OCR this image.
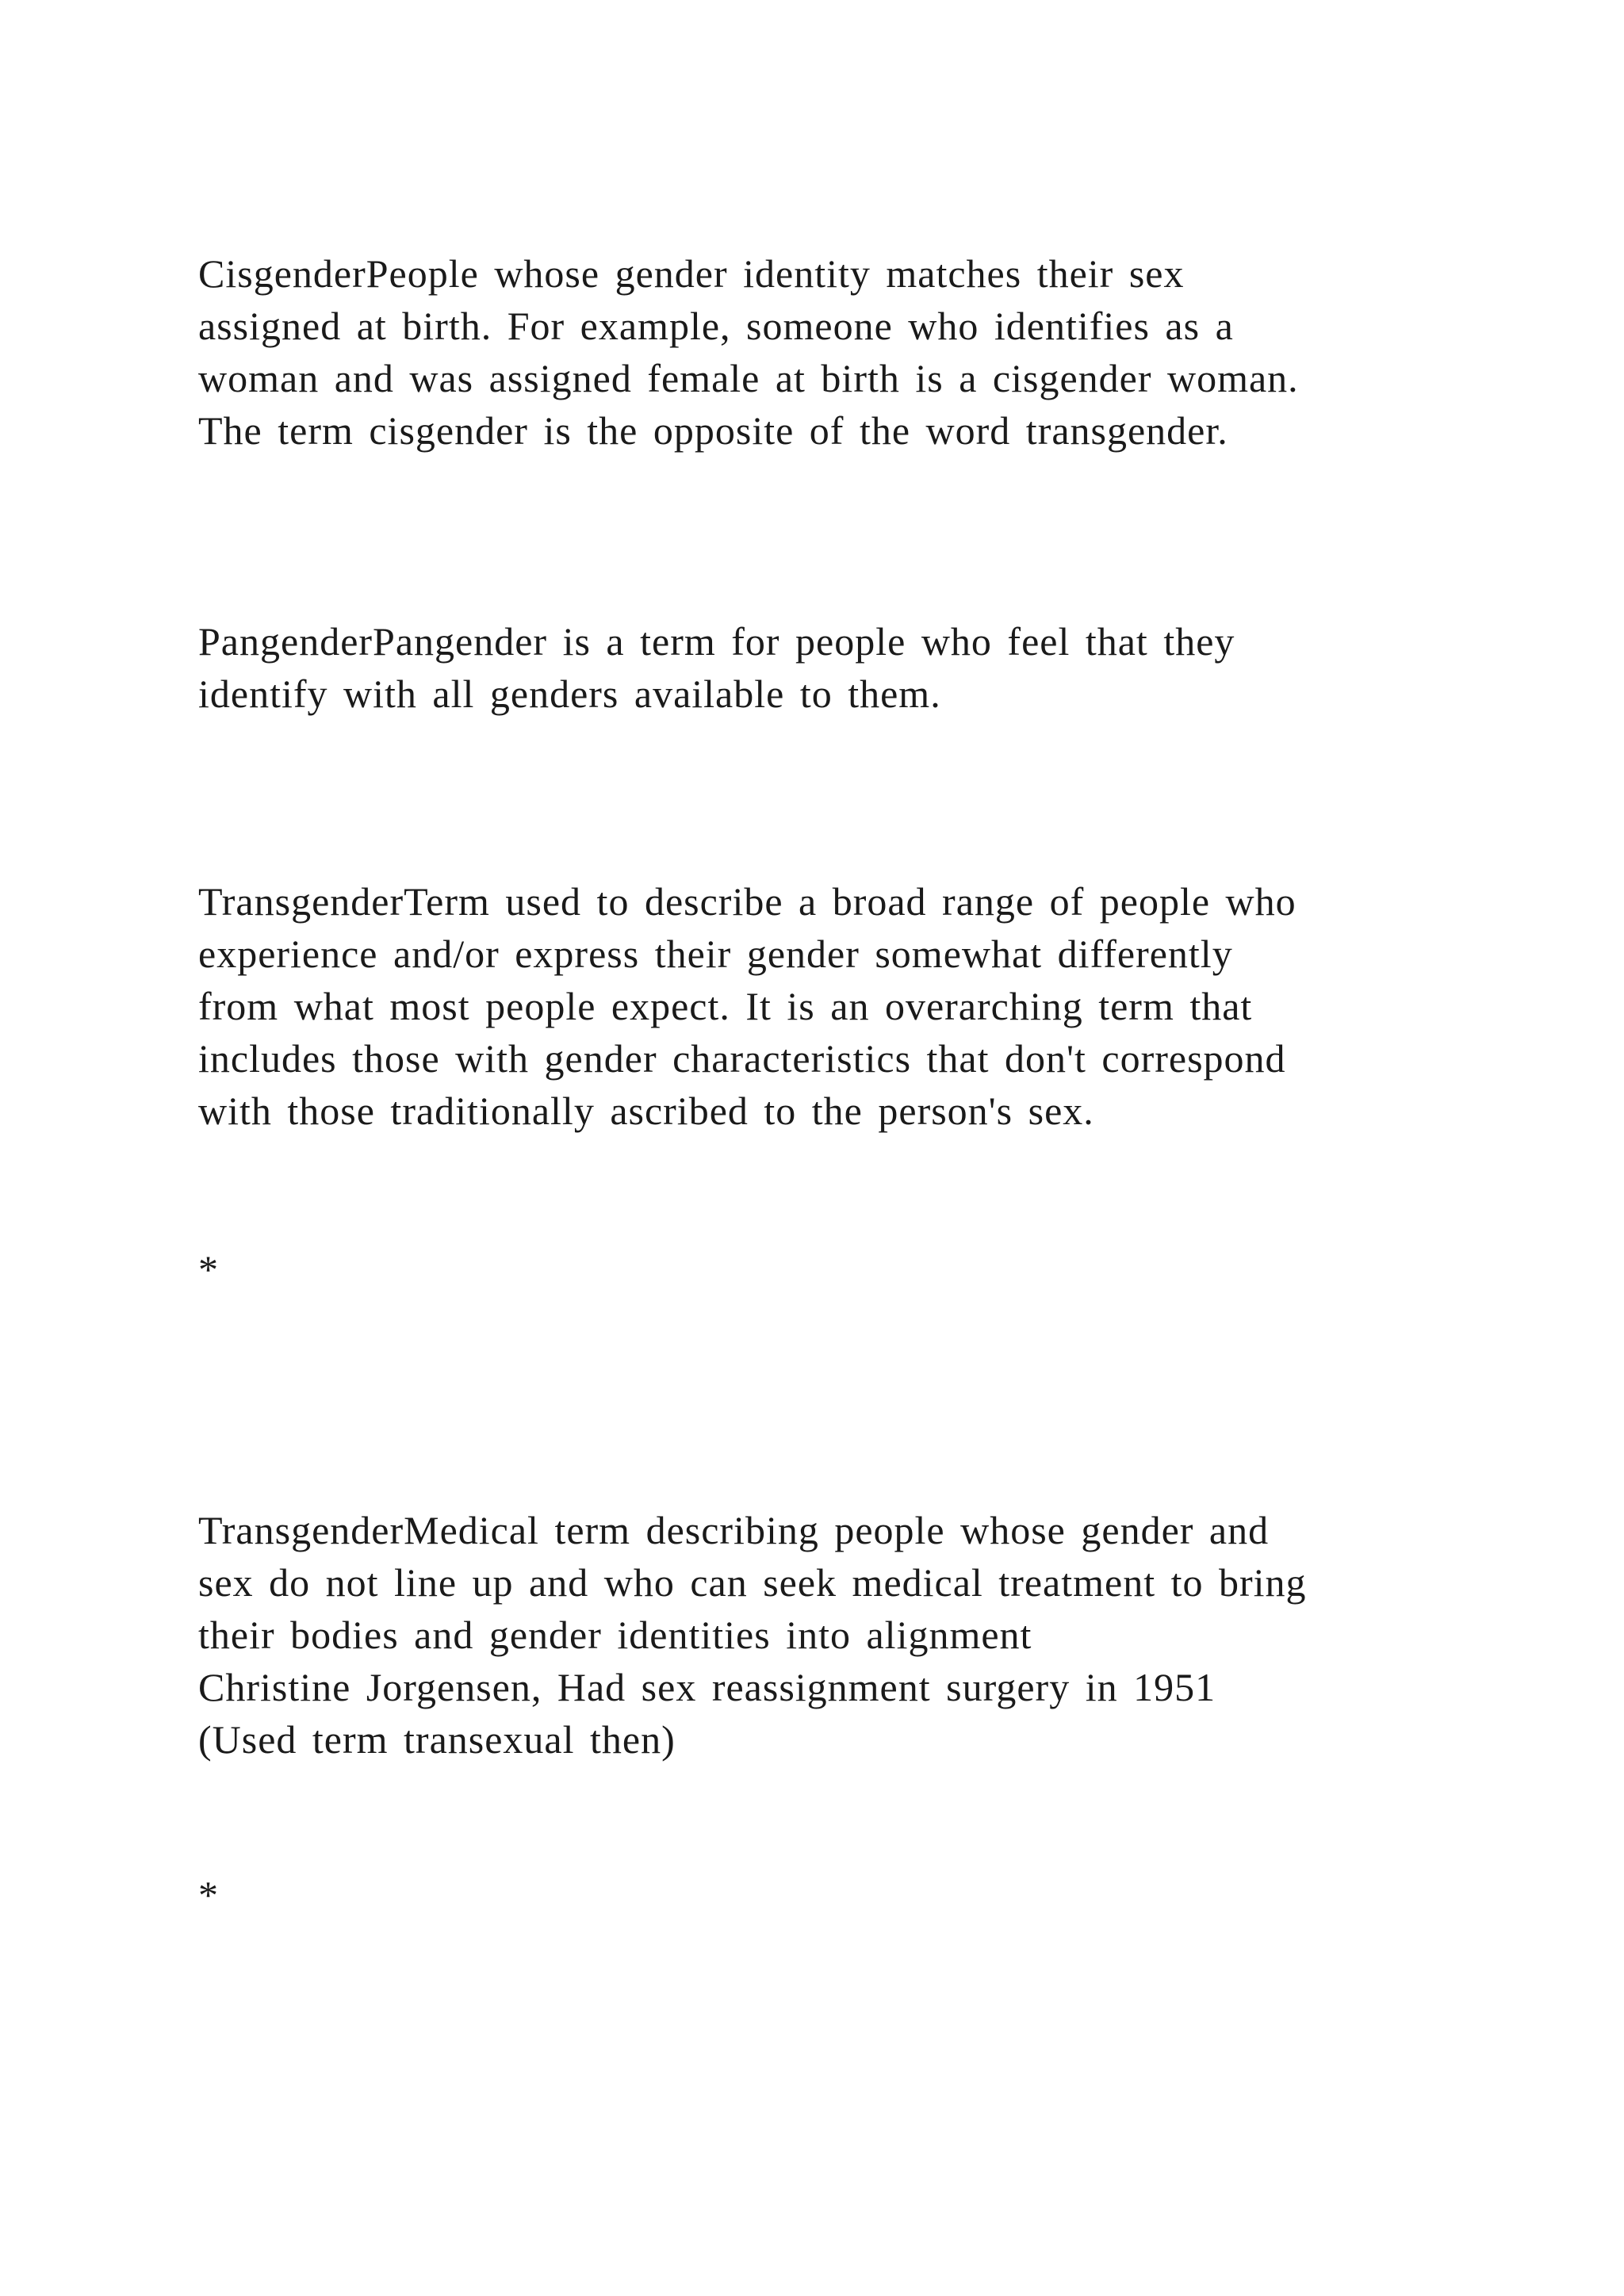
CisgenderPeople whose gender identity matches their sex
assigned at birth. For example, someone who identifies as a
woman and was assigned female at birth is a cisgender woman.
The term cisgender is the opposite of the word transgender.

PangenderPangender is a term for people who feel that they
identify with all genders available to them.

TransgenderTerm used to describe a broad range of people who
experience and/or express their gender somewhat differently
from what most people expect. It is an overarching term that
includes those with gender characteristics that don't correspond
with those traditionally ascribed to the person's sex.

*

TransgenderMedical term describing people whose gender and
sex do not line up and who can seek medical treatment to bring
their bodies and gender identities into alignment
Christine Jorgensen, Had sex reassignment surgery in 1951
(Used term transexual then)

*
